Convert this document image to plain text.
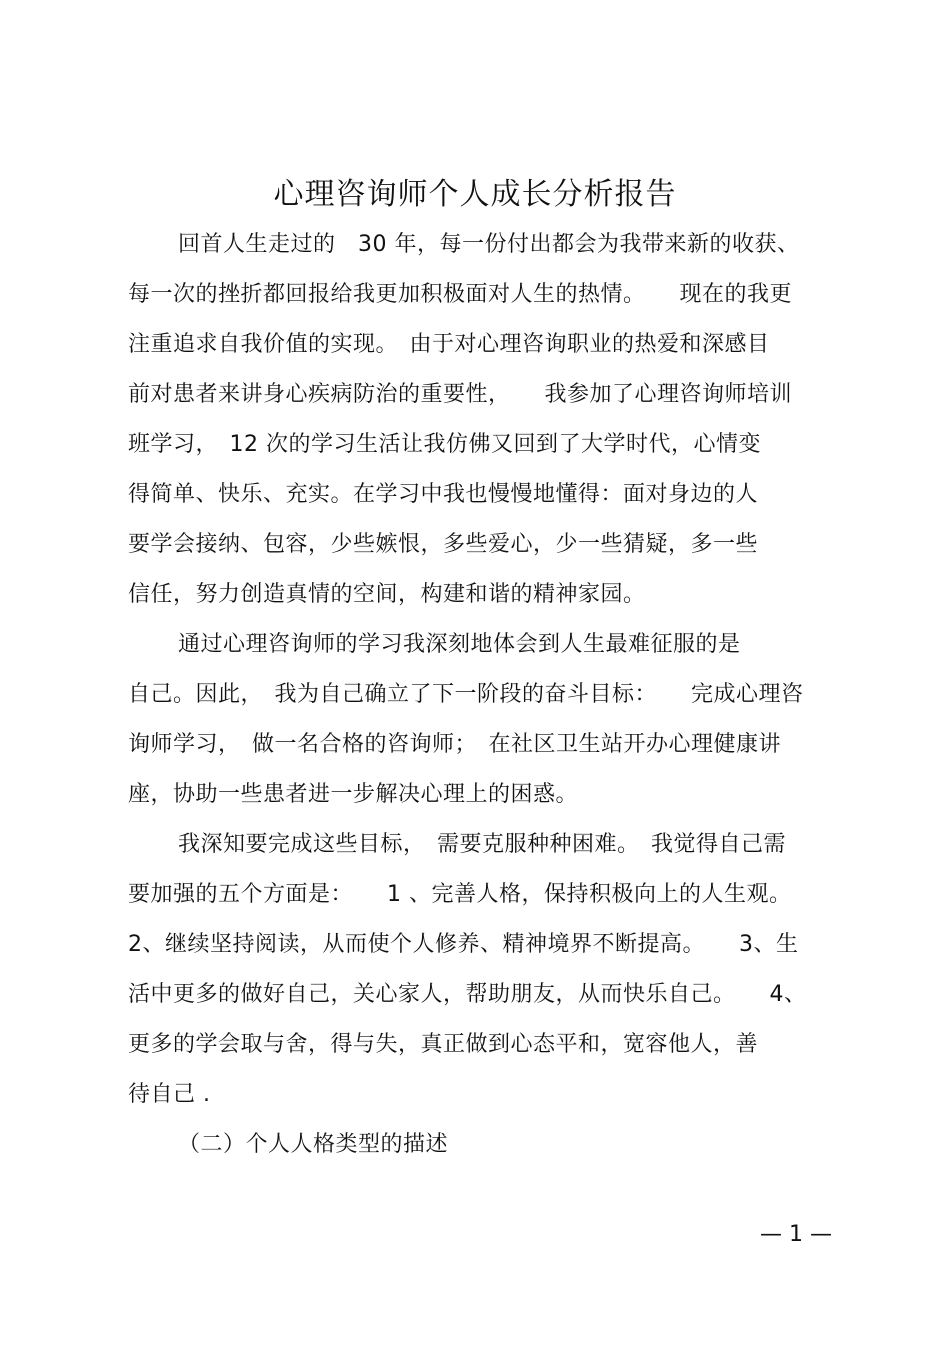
心理咨询师个人成长分析报告
回首人生走过的　30 年，每一份付出都会为我带来新的收获、
每一次的挫折都回报给我更加积极面对人生的热情。　　现在的我更
注重追求自我价值的实现。　由于对心理咨询职业的热爱和深感目
前对患者来讲身心疾病防治的重要性，　　我参加了心理咨询师培训
班学习，　12 次的学习生活让我仿佛又回到了大学时代，心情变
得简单、快乐、充实。在学习中我也慢慢地懂得：面对身边的人
要学会接纳、包容，少些嫉恨，多些爱心，少一些猜疑，多一些
信任，努力创造真情的空间，构建和谐的精神家园。
通过心理咨询师的学习我深刻地体会到人生最难征服的是
自己。因此，　我为自己确立了下一阶段的奋斗目标：　　完成心理咨
询师学习，　做一名合格的咨询师；　在社区卫生站开办心理健康讲
座，协助一些患者进一步解决心理上的困惑。
我深知要完成这些目标，　需要克服种种困难。　我觉得自己需
要加强的五个方面是：　　1 、完善人格，保持积极向上的人生观。
2、继续坚持阅读，从而使个人修养、精神境界不断提高。　　3、生
活中更多的做好自己，关心家人，帮助朋友，从而快乐自己。　　4、
更多的学会取与舍，得与失，真正做到心态平和，宽容他人，善
待自己 .
（二）个人人格类型的描述
— 1 —
